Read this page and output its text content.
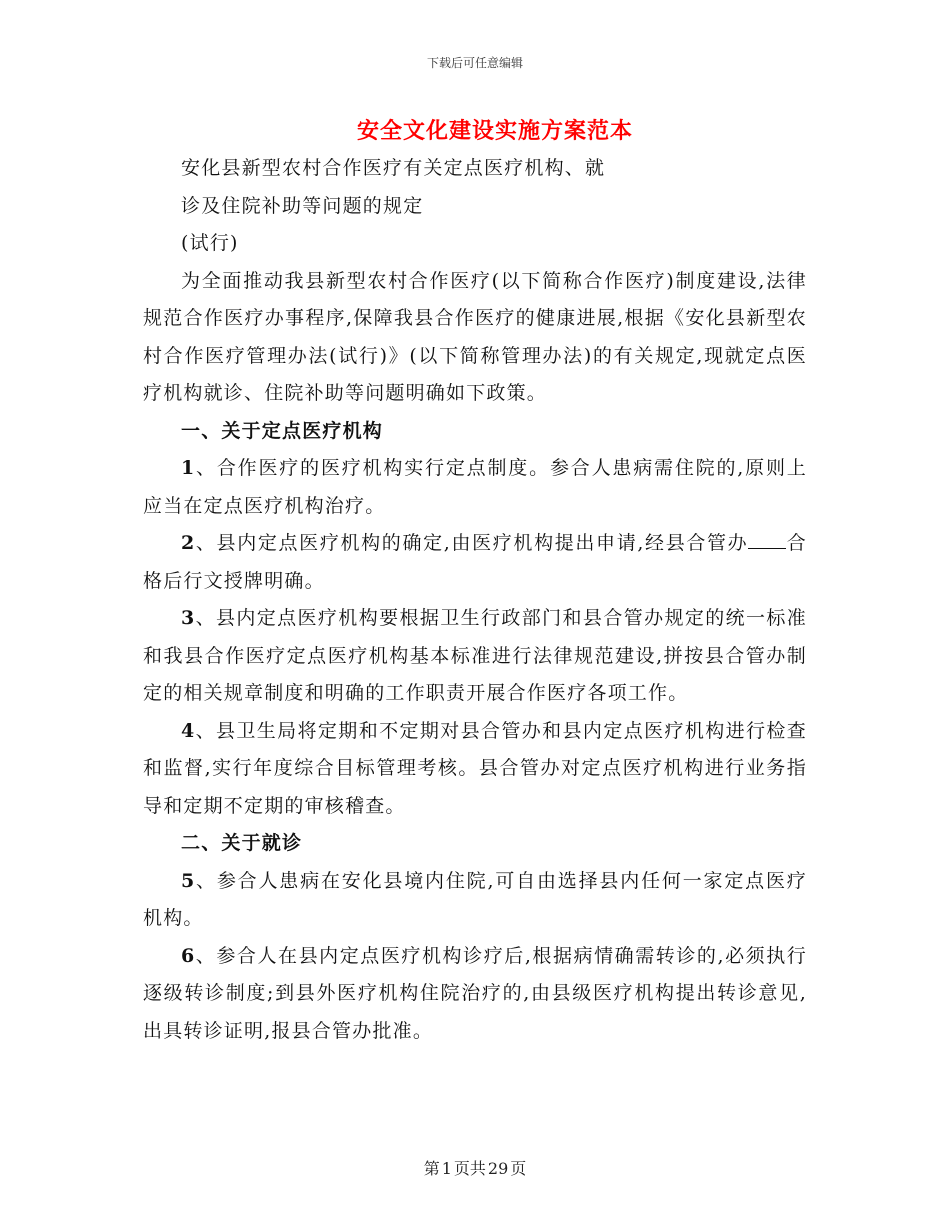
下载后可任意编辑
安全文化建设实施方案范本

安化县新型农村合作医疗有关定点医疗机构、就

诊及住院补助等问题的规定

(试行)

为全面推动我县新型农村合作医疗(以下简称合作医疗)制度建设,法律规范合作医疗办事程序,保障我县合作医疗的健康进展,根据《安化县新型农村合作医疗管理办法(试行)》(以下简称管理办法)的有关规定,现就定点医疗机构就诊、住院补助等问题明确如下政策。

一、关于定点医疗机构

1、合作医疗的医疗机构实行定点制度。参合人患病需住院的,原则上应当在定点医疗机构治疗。

2、县内定点医疗机构的确定,由医疗机构提出申请,经县合管办 合格后行文授牌明确。

3、县内定点医疗机构要根据卫生行政部门和县合管办规定的统一标准和我县合作医疗定点医疗机构基本标准进行法律规范建设,拼按县合管办制定的相关规章制度和明确的工作职责开展合作医疗各项工作。

4、县卫生局将定期和不定期对县合管办和县内定点医疗机构进行检查和监督,实行年度综合目标管理考核。县合管办对定点医疗机构进行业务指导和定期不定期的审核稽查。

二、关于就诊

5、参合人患病在安化县境内住院,可自由选择县内任何一家定点医疗机构。

6、参合人在县内定点医疗机构诊疗后,根据病情确需转诊的,必须执行逐级转诊制度;到县外医疗机构住院治疗的,由县级医疗机构提出转诊意见,出具转诊证明,报县合管办批准。

第 1 页共 29 页
